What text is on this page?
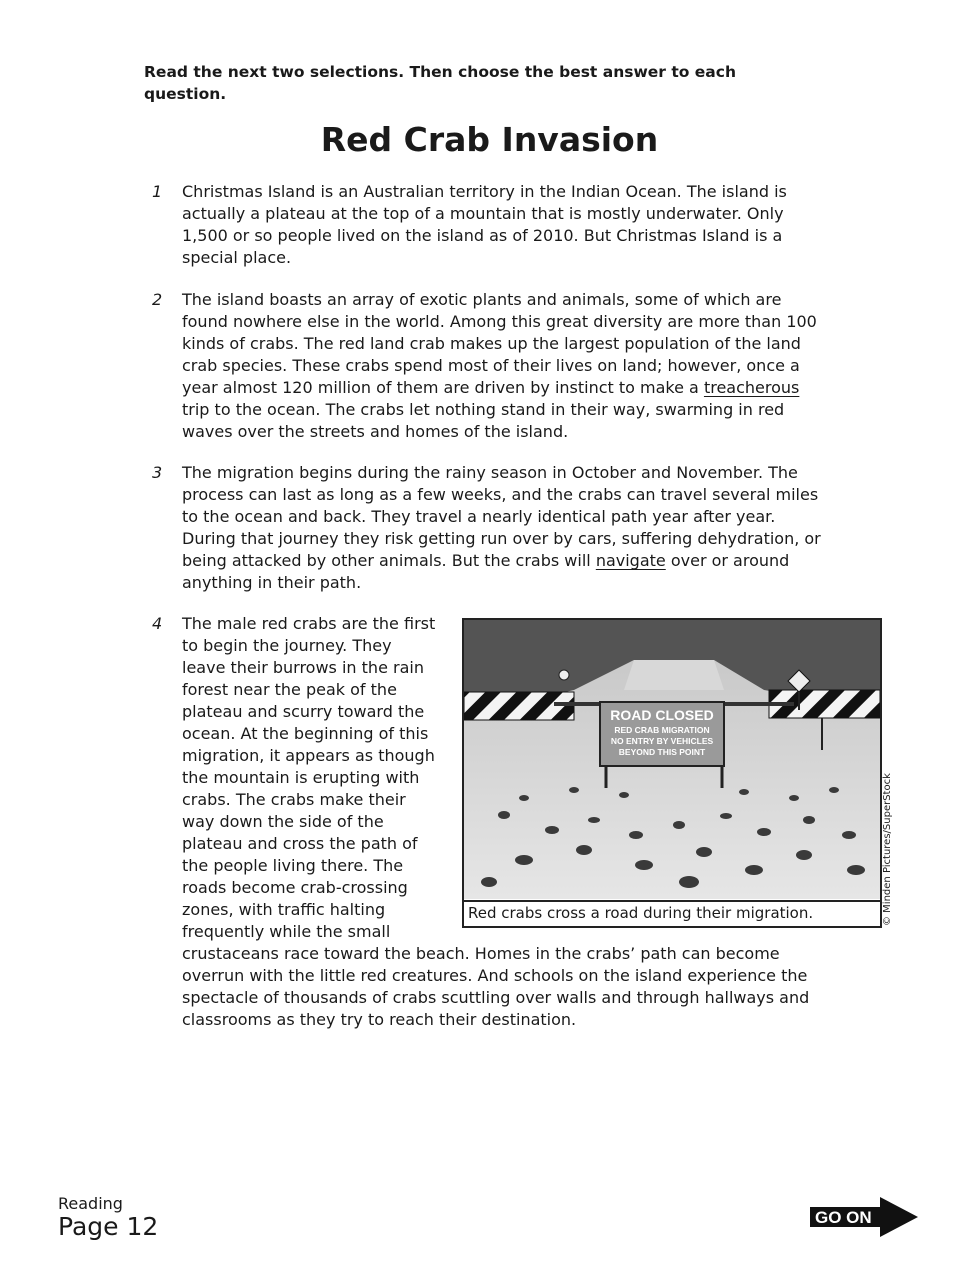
Read the next two selections. Then choose the best answer to each
question.

Red Crab Invasion
1 Christmas Island is an Australian territory in the Indian Ocean. The island is
actually a plateau at the top of a mountain that is mostly underwater. Only
1,500 or so people lived on the island as of 2010. But Christmas Island is a
special place.

2 The island boasts an array of exotic plants and animals, some of which are
found nowhere else in the world. Among this great diversity are more than 100
kinds of crabs. The red land crab makes up the largest population of the land
crab species. These crabs spend most of their lives on land; however, once a
year almost 120 million of them are driven by instinct to make a treacherous
trip to the ocean. The crabs let nothing stand in their way, swarming in red
waves over the streets and homes of the island.

3 The migration begins during the rainy season in October and November. The
process can last as long as a few weeks, and the crabs can travel several miles
to the ocean and back. They travel a nearly identical path year after year.
During that journey they risk getting run over by cars, suffering dehydration, or
being attacked by other animals. But the crabs will navigate over or around
anything in their path.

4 The male red crabs are the first
to begin the journey. They
leave their burrows in the rain
forest near the peak of the
plateau and scurry toward the
ocean. At the beginning of this
migration, it appears as though
the mountain is erupting with
crabs. The crabs make their
way down the side of the
plateau and cross the path of
the people living there. The
roads become crab-crossing
zones, with traffic halting
frequently while the small
crustaceans race toward the beach. Homes in the crabs’ path can become
overrun with the little red creatures. And schools on the island experience the
spectacle of thousands of crabs scuttling over walls and through hallways and
classrooms as they try to reach their destination.

ROAD CLOSED
RED CRAB MIGRATION
NO ENTRY BY VEHICLES
BEYOND THIS POINT
Red crabs cross a road during their migration.	© Minden Pictures/SuperStock
Reading
Page 12	GO ON
